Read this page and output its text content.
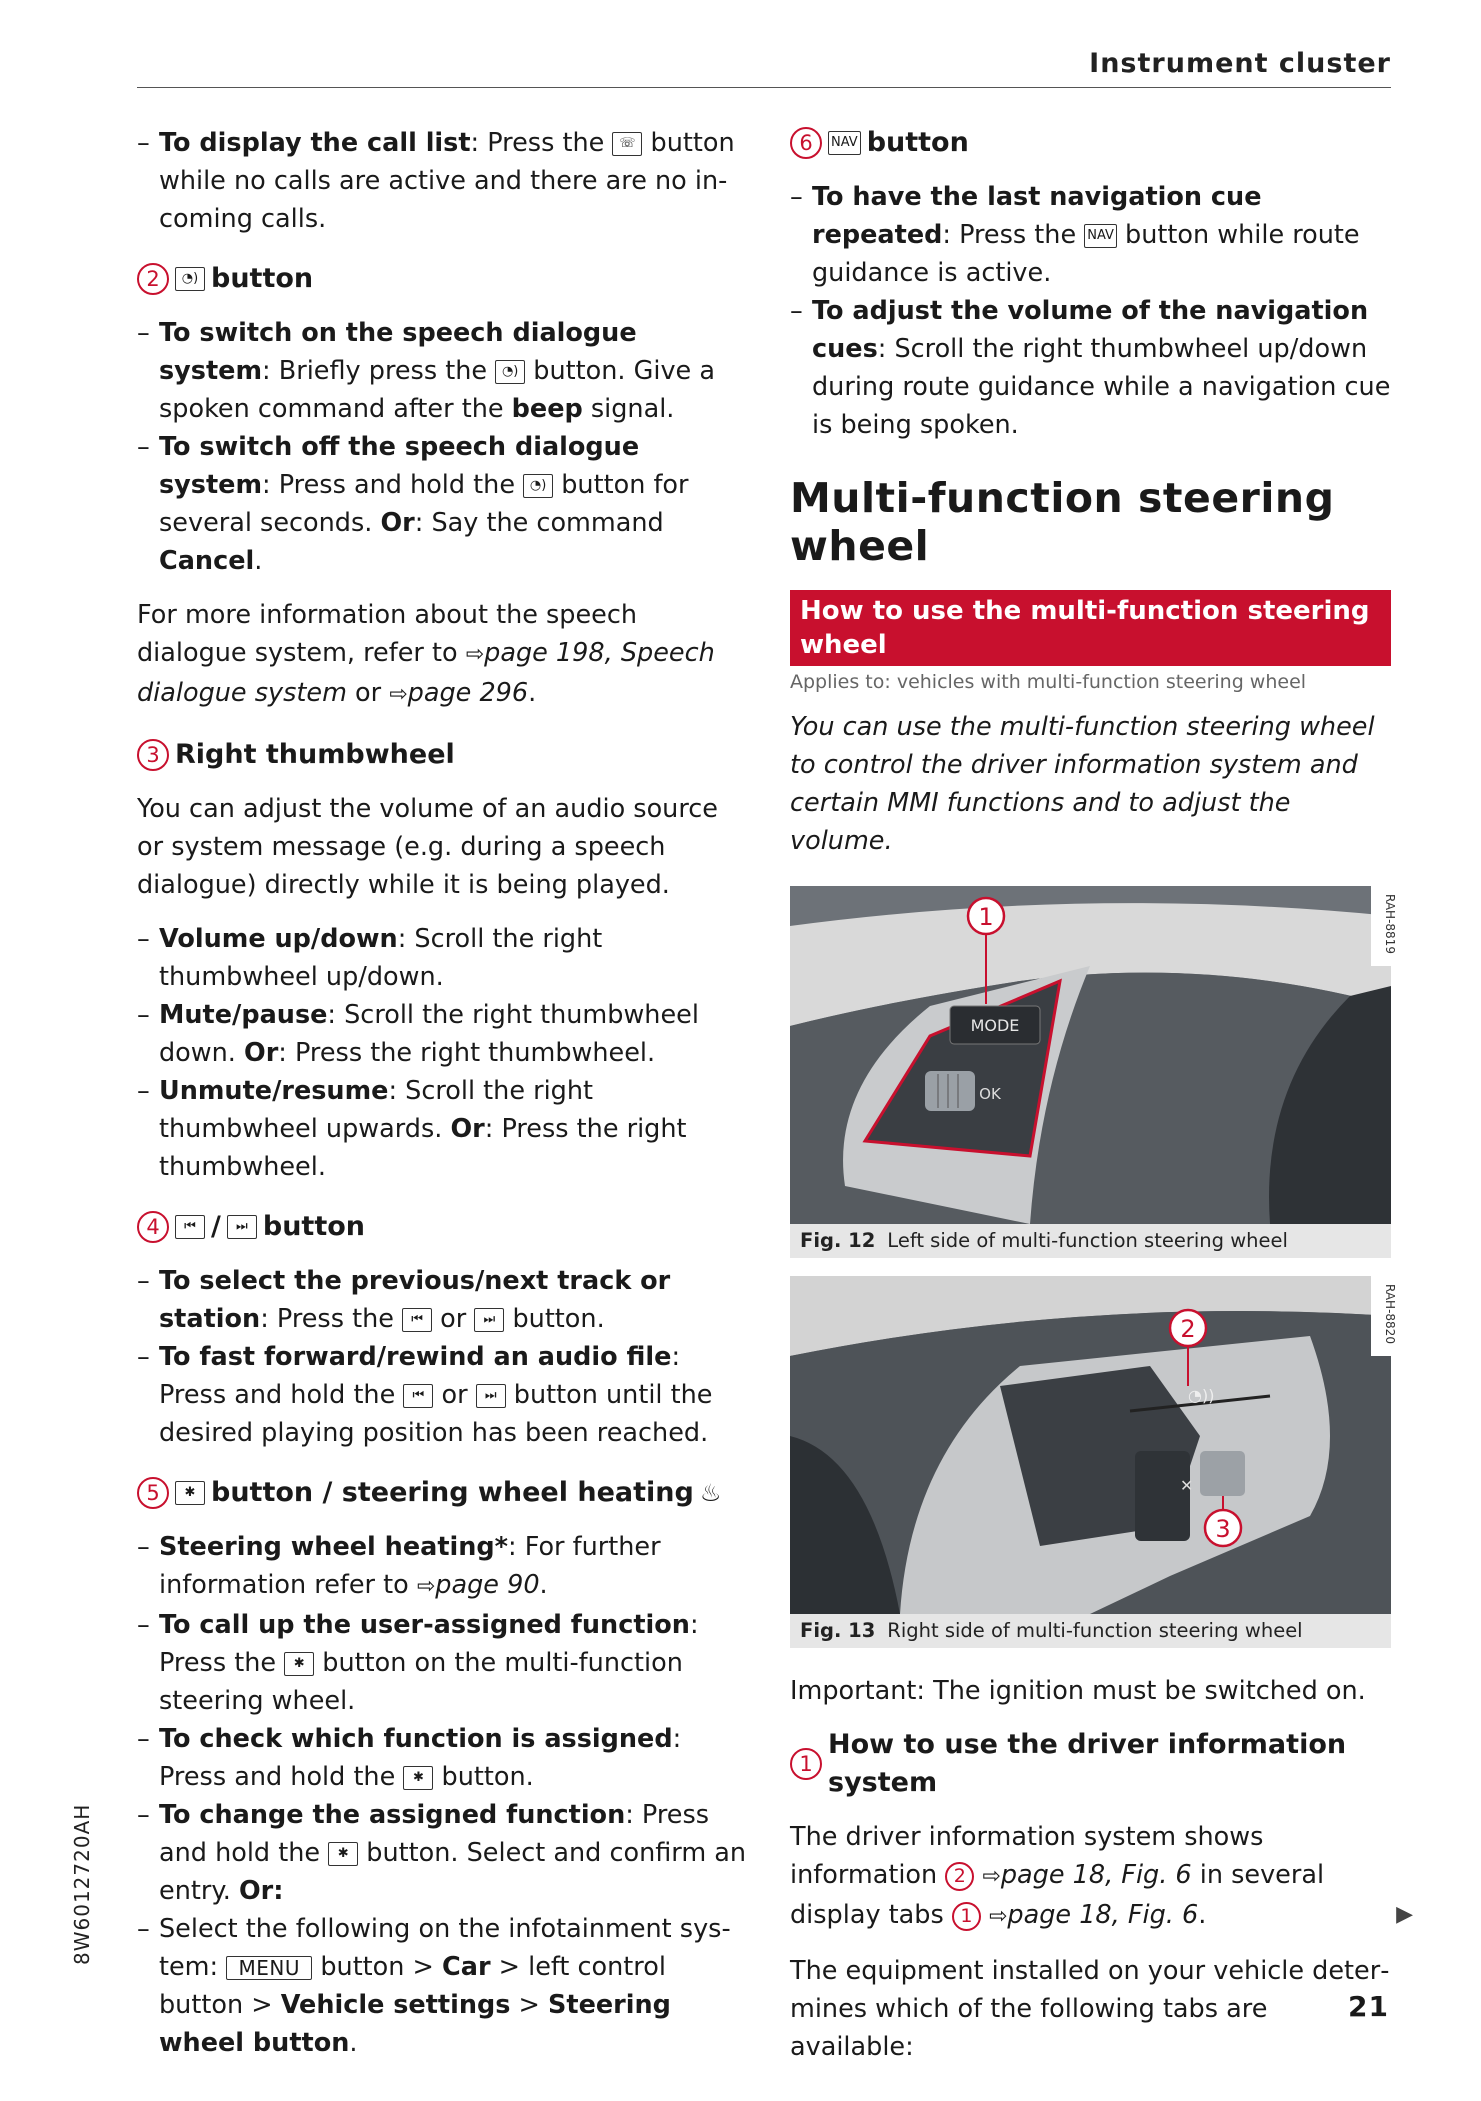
Instrument cluster
– To display the call list: Press the ☏ button while no calls are active and there are no incoming calls.
2	◔) button
– To switch on the speech dialogue system: Briefly press the ◔) button. Give a spoken command after the beep signal.
– To switch off the speech dialogue system: Press and hold the ◔) button for several seconds. Or: Say the command Cancel.

For more information about the speech dialogue system, refer to ⇨page 198, Speech dialogue system or ⇨page 296.

3 Right thumbwheel

You can adjust the volume of an audio source or system message (e.g. during a speech dialogue) directly while it is being played.

– Volume up/down: Scroll the right thumbwheel up/down.
– Mute/pause: Scroll the right thumbwheel down. Or: Press the right thumbwheel.
– Unmute/resume: Scroll the right thumbwheel upwards. Or: Press the right thumbwheel.
4	⏮ /	⏭ button
– To select the previous/next track or station: Press the ⏮ or ⏭ button.
– To fast forward/rewind an audio file: Press and hold the ⏮ or ⏭ button until the desired playing position has been reached.
5	✱ button / steering wheel heating ♨
– Steering wheel heating*: For further information refer to ⇨page 90.
– To call up the user-assigned function: Press the ✱ button on the multi-function steering wheel.
– To check which function is assigned: Press and hold the ✱ button.
– To change the assigned function: Press and hold the ✱ button. Select and confirm an entry. Or:
– Select the following on the infotainment system: MENU button > Car > left control button > Vehicle settings > Steering wheel button.
6	NAV button
– To have the last navigation cue repeated: Press the NAV button while route guidance is active.
– To adjust the volume of the navigation cues: Scroll the right thumbwheel up/down during route guidance while a navigation cue is being spoken.
Multi-function steering wheel
How to use the multi-function steering wheel

Applies to: vehicles with multi-function steering wheel

You can use the multi-function steering wheel to control the driver information system and certain MMI functions and to adjust the volume.

MODE
OK
1	RAH-8819
Fig. 12 Left side of multi-function steering wheel
◔))
✕
2
3
RAH-8820
Fig. 13 Right side of multi-function steering wheel

Important: The ignition must be switched on.

1
How to use the driver information system

The driver information system shows information 2 ⇨page 18, Fig. 6 in several display tabs 1 ⇨page 18, Fig. 6.

The equipment installed on your vehicle determines which of the following tabs are available:

▶
8W6012720AH
21
